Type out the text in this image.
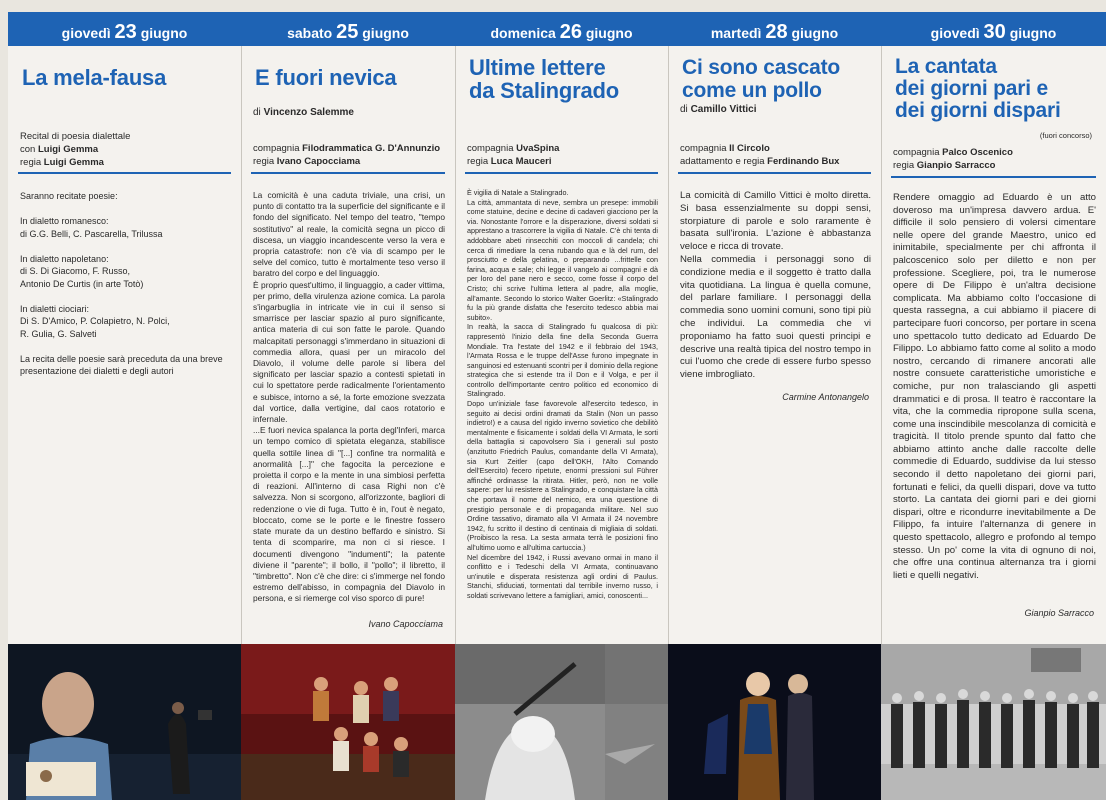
giovedì 23 giugno
La mela-fausa
Recital di poesia dialettale
con Luigi Gemma
regia Luigi Gemma

Saranno recitate poesie:

In dialetto romanesco:

di G.G. Belli, C. Pascarella, Trilussa

In dialetto napoletano:

di S. Di Giacomo, F. Russo,

Antonio De Curtis (in arte Totò)

In dialetti ciociari:

Di S. D'Amico, P. Colapietro, N. Polci,

R. Gulia, G. Salveti

La recita delle poesie sarà preceduta da una breve presentazione dei dialetti e degli autori

sabato 25 giugno
E fuori nevica
di Vincenzo Salemme
compagnia Filodrammatica G. D'Annunzio
regia Ivano Capocciama

La comicità è una caduta triviale, una crisi, un punto di contatto tra la superficie del significante e il fondo del significato. Nel tempo del teatro, "tempo sostitutivo" al reale, la comicità segna un picco di discesa, un viaggio incandescente verso la vera e propria catastrofe: non c'è via di scampo per le selve del comico, tutto è mortalmente teso verso il baratro del corpo e del linguaggio.

È proprio quest'ultimo, il linguaggio, a cader vittima, per primo, della virulenza azione comica. La parola s'ingarbuglia in intricate vie in cui il senso si smarrisce per lasciar spazio al puro significante, antica materia di cui son fatte le parole. Quando malcapitati personaggi s'immerdano in situazioni di commedia allora, quasi per un miracolo del Diavolo, il volume delle parole si libera del significato per lasciar spazio a contesti spietati in cui lo spettatore perde radicalmente l'orientamento e subisce, intorno a sé, la forte emozione svezzata dal vortice, dalla vertigine, dal caos rotatorio e infernale.

...E fuori nevica spalanca la porta degl'Inferi, marca un tempo comico di spietata eleganza, stabilisce quella sottile linea di "[...] confine tra normalità e anormalità [...]" che fagocita la percezione e proietta il corpo e la mente in una simbiosi perfetta di reazioni. All'interno di casa Righi non c'è salvezza. Non si scorgono, all'orizzonte, bagliori di redenzione o vie di fuga. Tutto è in, l'out è negato, bloccato, come se le porte e le finestre fossero state murate da un destino beffardo e sinistro. Si tenta di scomparire, ma non ci si riesce. I documenti divengono "indumenti"; la patente diviene il "parente"; il bollo, il "pollo"; il libretto, il "timbretto". Non c'è che dire: ci s'immerge nel fondo estremo dell'abisso, in compagnia del Diavolo in persona, e si riemerge col viso sporco di pure!

Ivano Capocciama
domenica 26 giugno
Ultime lettere
da Stalingrado
compagnia UvaSpina
regia Luca Mauceri

È vigilia di Natale a Stalingrado.

La città, ammantata di neve, sembra un presepe: immobili come statuine, decine e decine di cadaveri giacciono per la via. Nonostante l'orrore e la disperazione, diversi soldati si apprestano a trascorrere la vigilia di Natale. C'è chi tenta di addobbare abeti rinsecchiti con moccoli di candela; chi cerca di rimediare la cena rubando qua e là del rum, del prosciutto e della gelatina, o preparando ...frittelle con farina, acqua e sale; chi legge il vangelo ai compagni e dà per loro del pane nero e secco, come fosse il corpo del Cristo; chi scrive l'ultima lettera al padre, alla moglie, all'amante. Secondo lo storico Walter Goerlitz: «Stalingrado fu la più grande disfatta che l'esercito tedesco abbia mai subito».

In realtà, la sacca di Stalingrado fu qualcosa di più: rappresentò l'inizio della fine della Seconda Guerra Mondiale. Tra l'estate del 1942 e il febbraio del 1943, l'Armata Rossa e le truppe dell'Asse furono impegnate in sanguinosi ed estenuanti scontri per il dominio della regione strategica che si estende tra il Don e il Volga, e per il controllo dell'importante centro politico ed economico di Stalingrado.

Dopo un'iniziale fase favorevole all'esercito tedesco, in seguito ai decisi ordini dramati da Stalin (Non un passo indietro!) e a causa del rigido inverno sovietico che debilitò mentalmente e fisicamente i soldati della VI Armata, le sorti della battaglia si capovolsero Sia i generali sul posto (anzitutto Friedrich Paulus, comandante della VI Armata), sia Kurt Zeitler (capo dell'OKH, l'Alto Comando dell'Esercito) fecero ripetute, enormi pressioni sul Führer affinché ordinasse la ritirata. Hitler, però, non ne volle sapere: per lui resistere a Stalingrado, e conquistare la città che portava il nome del nemico, era una questione di prestigio personale e di propaganda militare. Nel suo Ordine tassativo, diramato alla VI Armata il 24 novembre 1942, fu scritto il destino di centinaia di migliaia di soldati. (Proibisco la resa. La sesta armata terrà le posizioni fino all'ultimo uomo e all'ultima cartuccia.)

Nel dicembre del 1942, i Russi avevano ormai in mano il conflitto e i Tedeschi della VI Armata, continuavano un'inutile e disperata resistenza agli ordini di Paulus. Stanchi, sfiduciati, tormentati dal terribile inverno russo, i soldati scrivevano lettere a famigliari, amici, conoscenti...

martedì 28 giugno
Ci sono cascato
come un pollo
di Camillo Vittici
compagnia Il Circolo
adattamento e regia Ferdinando Bux

La comicità di Camillo Vittici è molto diretta. Si basa essenzialmente su doppi sensi, storpiature di parole e solo raramente è basata sull'ironia. L'azione è abbastanza veloce e ricca di trovate.

Nella commedia i personaggi sono di condizione media e il soggetto è tratto dalla vita quotidiana. La lingua è quella comune, del parlare familiare. I personaggi della commedia sono uomini comuni, sono tipi più che individui. La commedia che vi proponiamo ha fatto suoi questi principi e descrive una realtà tipica del nostro tempo in cui l'uomo che crede di essere furbo spesso viene imbrogliato.

Carmine Antonangelo
giovedì 30 giugno
La cantata
dei giorni pari e
dei giorni dispari
(fuori concorso)
compagnia Palco Oscenico
regia Gianpio Sarracco

Rendere omaggio ad Eduardo è un atto doveroso ma un'impresa davvero ardua. E' difficile il solo pensiero di volersi cimentare nelle opere del grande Maestro, unico ed inimitabile, specialmente per chi affronta il palcoscenico solo per diletto e non per professione. Scegliere, poi, tra le numerose opere di De Filippo è un'altra decisione complicata. Ma abbiamo colto l'occasione di questa rassegna, a cui abbiamo il piacere di partecipare fuori concorso, per portare in scena uno spettacolo tutto dedicato ad Eduardo De Filippo. Lo abbiamo fatto come al solito a modo nostro, cercando di rimanere ancorati alle nostre consuete caratteristiche umoristiche e comiche, pur non tralasciando gli aspetti drammatici e di prosa. Il teatro è raccontare la vita, che la commedia ripropone sulla scena, come una inscindibile mescolanza di comicità e tragicità. Il titolo prende spunto dal fatto che abbiamo attinto anche dalle raccolte delle commedie di Eduardo, suddivise da lui stesso secondo il detto napoletano dei giorni pari, fortunati e felici, da quelli dispari, dove va tutto storto. La cantata dei giorni pari e dei giorni dispari, oltre e ricondurre inevitabilmente a De Filippo, fa intuire l'alternanza di genere in questo spettacolo, allegro e profondo al tempo stesso. Un po' come la vita di ognuno di noi, che offre una continua alternanza tra i giorni lieti e quelli negativi.

Gianpio Sarracco
